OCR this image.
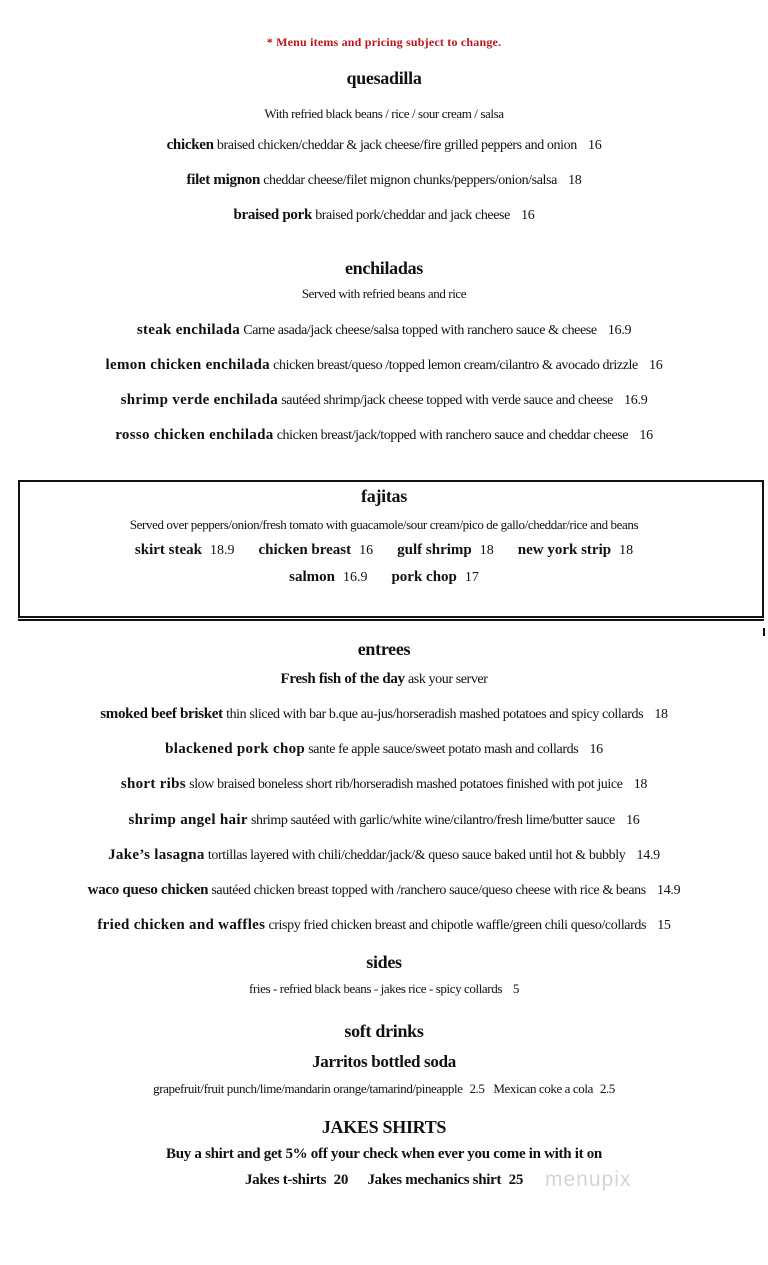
* Menu items and pricing subject to change.
quesadilla
With refried black beans / rice / sour cream / salsa
chicken braised chicken/cheddar & jack cheese/fire grilled peppers and onion 16
filet mignon cheddar cheese/filet mignon chunks/peppers/onion/salsa 18
braised pork braised pork/cheddar and jack cheese 16
enchiladas
Served with refried beans and rice
steak enchilada Carne asada/jack cheese/salsa topped with ranchero sauce & cheese 16.9
lemon chicken enchilada chicken breast/queso /topped lemon cream/cilantro & avocado drizzle 16
shrimp verde enchilada sautéed shrimp/jack cheese topped with verde sauce and cheese 16.9
rosso chicken enchilada chicken breast/jack/topped with ranchero sauce and cheddar cheese 16
fajitas
Served over peppers/onion/fresh tomato with guacamole/sour cream/pico de gallo/cheddar/rice and beans
skirt steak 18.9 chicken breast 16 gulf shrimp 18 new york strip 18
salmon 16.9 pork chop 17
entrees
Fresh fish of the day ask your server
smoked beef brisket thin sliced with bar b.que au-jus/horseradish mashed potatoes and spicy collards 18
blackened pork chop sante fe apple sauce/sweet potato mash and collards 16
short ribs slow braised boneless short rib/horseradish mashed potatoes finished with pot juice 18
shrimp angel hair shrimp sautéed with garlic/white wine/cilantro/fresh lime/butter sauce 16
Jake’s lasagna tortillas layered with chili/cheddar/jack/& queso sauce baked until hot & bubbly 14.9
waco queso chicken sautéed chicken breast topped with /ranchero sauce/queso cheese with rice & beans 14.9
fried chicken and waffles crispy fried chicken breast and chipotle waffle/green chili queso/collards 15
sides
fries - refried black beans - jakes rice - spicy collards 5
soft drinks
Jarritos bottled soda
grapefruit/fruit punch/lime/mandarin orange/tamarind/pineapple 2.5 Mexican coke a cola 2.5
JAKES SHIRTS
Buy a shirt and get 5% off your check when ever you come in with it on
Jakes t-shirts 20 Jakes mechanics shirt 25	menupix
